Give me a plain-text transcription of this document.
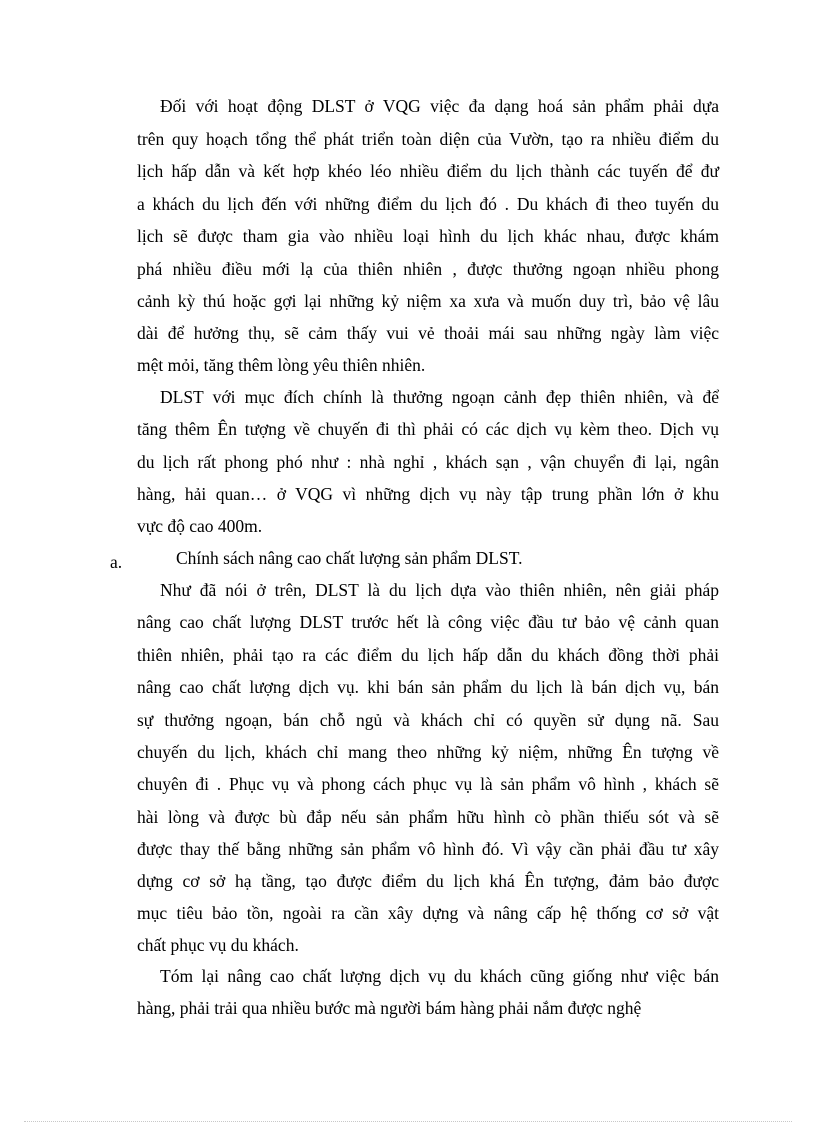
Đối với hoạt động DLST ở VQG việc đa dạng hoá sản phẩm phải dựa
trên quy hoạch tổng thể phát triển toàn diện của Vườn, tạo ra nhiều điểm du
lịch hấp dẫn và kết hợp khéo léo nhiều điểm du lịch thành các tuyến để đư
a khách du lịch đến với những điểm du lịch đó . Du khách đi theo tuyến du
lịch sẽ được tham gia vào nhiều loại hình du lịch khác nhau, được khám
phá nhiều điều mới lạ của thiên nhiên , được thưởng ngoạn nhiều phong
cảnh kỳ thú hoặc gợi lại những kỷ niệm xa xưa và muốn duy trì, bảo vệ lâu
dài để hưởng thụ, sẽ cảm thấy vui vẻ thoải mái sau những ngày làm việc
mệt mỏi, tăng thêm lòng yêu thiên nhiên.
DLST với mục đích chính là thưởng ngoạn cảnh đẹp thiên nhiên, và để
tăng thêm Ên tượng về chuyến đi thì phải có các dịch vụ kèm theo. Dịch vụ
du lịch rất phong phó như : nhà nghỉ , khách sạn , vận chuyển đi lại, ngân
hàng, hải quan… ở VQG vì những dịch vụ này tập trung phần lớn ở khu
vực độ cao 400m.
a.	Chính sách nâng cao chất lượng sản phẩm DLST.
Như đã nói ở trên, DLST là du lịch dựa vào thiên nhiên, nên giải pháp
nâng cao chất lượng DLST trước hết là công việc đầu tư bảo vệ cảnh quan
thiên nhiên, phải tạo ra các điểm du lịch hấp dẫn du khách đồng thời phải
nâng cao chất lượng dịch vụ. khi bán sản phẩm du lịch là bán dịch vụ, bán
sự thưởng ngoạn, bán chỗ ngủ và khách chỉ có quyền sử dụng nã. Sau
chuyến du lịch, khách chỉ mang theo những kỷ niệm, những Ên tượng về
chuyên đi . Phục vụ và phong cách phục vụ là sản phẩm vô hình , khách sẽ
hài lòng và được bù đắp nếu sản phẩm hữu hình cò phần thiếu sót và sẽ
được thay thế bằng những sản phẩm vô hình đó. Vì vậy cần phải đầu tư xây
dựng cơ sở hạ tầng, tạo được điểm du lịch khá Ên tượng, đảm bảo được
mục tiêu bảo tồn, ngoài ra cần xây dựng và nâng cấp hệ thống cơ sở vật
chất phục vụ du khách.
Tóm lại nâng cao chất lượng dịch vụ du khách cũng giống như việc bán
hàng, phải trải qua nhiều bước mà người bám hàng phải nắm được nghệ
